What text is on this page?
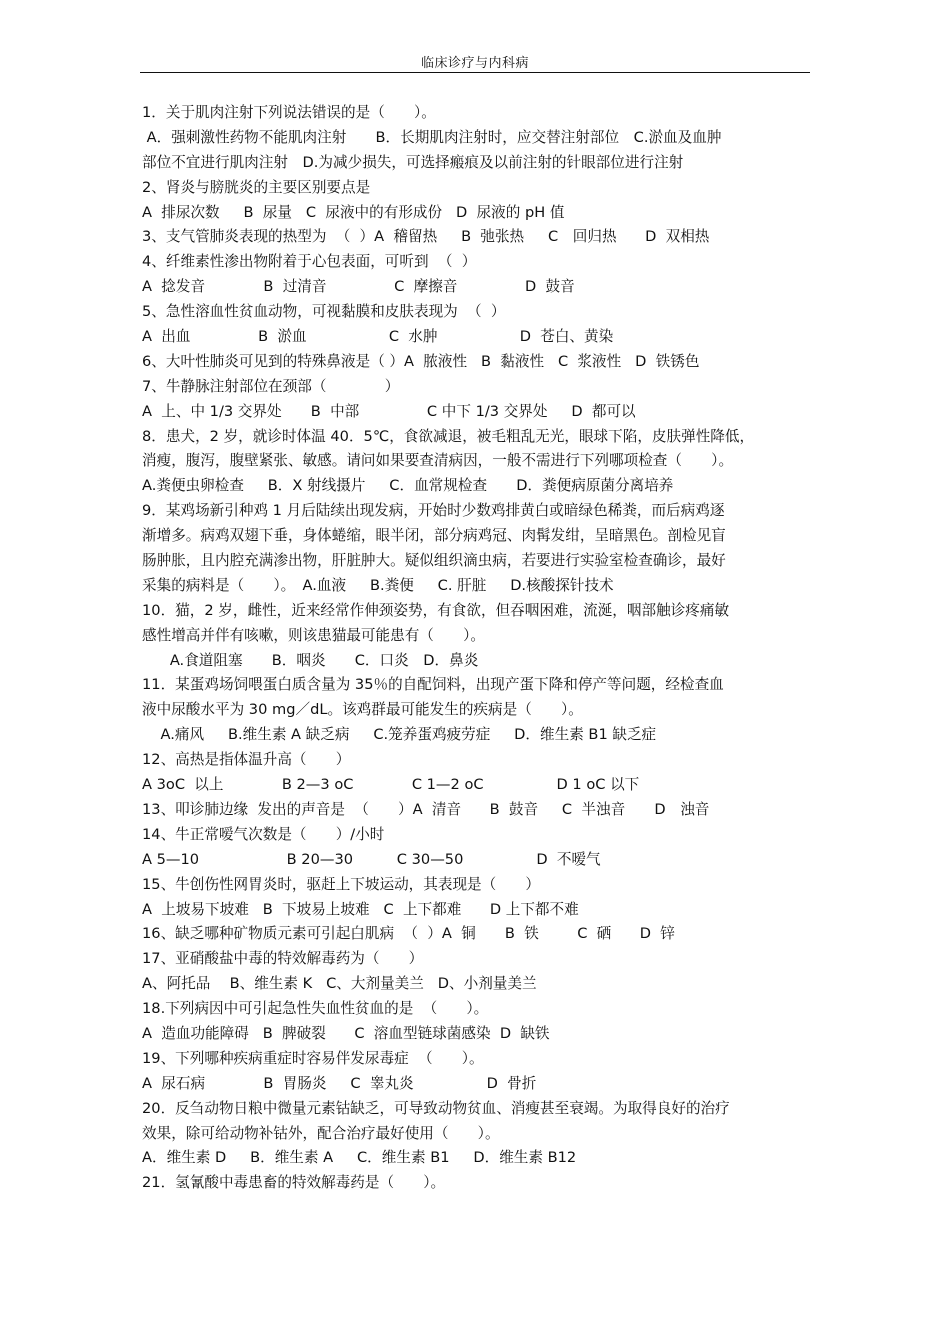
临床诊疗与内科病
1．关于肌肉注射下列说法错误的是（　　）。
A．强刺激性药物不能肌肉注射　　B．长期肌肉注射时，应交替注射部位　C.淤血及血肿
部位不宜进行肌肉注射　D.为减少损失，可选择瘢痕及以前注射的针眼部位进行注射
2、肾炎与膀胱炎的主要区别要点是
A  排尿次数　  B  尿量   C  尿液中的有形成份   D  尿液的 pH 值
3、支气管肺炎表现的热型为  （  ）A  稽留热　  B  弛张热　  C　回归热　   D  双相热
4、纤维素性渗出物附着于心包表面，可听到  （  ）
A  捻发音　　　　B  过清音　　　　  C  摩擦音　　　　  D  鼓音
5、急性溶血性贫血动物，可视黏膜和皮肤表现为  （  ）
A  出血　　　　  B  淤血　　　　　  C  水肿　　　　　  D  苍白、黄染
6、大叶性肺炎可见到的特殊鼻液是（ ）A  脓液性   B  黏液性   C  浆液性   D  铁锈色
7、牛静脉注射部位在颈部（　　　　）
A  上、中 1/3 交界处　　B  中部　　　　  C 中下 1/3 交界处　  D  都可以
8．患犬，2 岁，就诊时体温 40．5℃，食欲减退，被毛粗乱无光，眼球下陷，皮肤弹性降低，
消瘦，腹泻，腹壁紧张、敏感。请问如果要查清病因，一般不需进行下列哪项检查（　　）。
A.粪便虫卵检查　  B．X 射线摄片　  C．血常规检查　　D．粪便病原菌分离培养
9．某鸡场新引种鸡 1 月后陆续出现发病，开始时少数鸡排黄白或暗绿色稀粪，而后病鸡逐
渐增多。病鸡双翅下垂，身体蜷缩，眼半闭，部分病鸡冠、肉髯发绀，呈暗黑色。剖检见盲
肠肿胀，且内腔充满渗出物，肝脏肿大。疑似组织滴虫病，若要进行实验室检查确诊，最好
采集的病料是（　　）。　A.血液　  B.粪便　  C. 肝脏　  D.核酸探针技术
10．猫，2 岁，雌性，近来经常作伸颈姿势，有食欲，但吞咽困难，流涎，咽部触诊疼痛敏
感性增高并伴有咳嗽，则该患猫最可能患有（　　）。
A.食道阻塞　　B．咽炎　　C．口炎　D．鼻炎
11．某蛋鸡场饲喂蛋白质含量为 35％的自配饲料，出现产蛋下降和停产等问题，经检查血
液中尿酸水平为 30 mg／dL。该鸡群最可能发生的疾病是（　　）。
A.痛风　  B.维生素 A 缺乏病　  C.笼养蛋鸡疲劳症　  D．维生素 B1 缺乏症
12、高热是指体温升高（　　）
A 3oC  以上　　　　B 2—3 oC　　　　C 1—2 oC　　　　　D 1 oC 以下
13、叩诊肺边缘  发出的声音是  （　　）A  清音　   B  鼓音　  C  半浊音　　D　浊音
14、牛正常嗳气次数是（　　）/小时
A 5—10　　　　　　B 20—30　　　C 30—50　　　　　D  不嗳气
15、牛创伤性网胃炎时，驱赶上下坡运动，其表现是（　　）
A  上坡易下坡难   B  下坡易上坡难   C  上下都难　   D 上下都不难
16、缺乏哪种矿物质元素可引起白肌病  （  ）A  铜　　B  铁　　  C  硒　   D  锌
17、亚硝酸盐中毒的特效解毒药为（　　）
A、阿托品　 B、维生素 K   C、大剂量美兰   D、小剂量美兰
18.下列病因中可引起急性失血性贫血的是  （　　）。
A  造血功能障碍   B  脾破裂　   C  溶血型链球菌感染  D  缺铁
19、下列哪种疾病重症时容易伴发尿毒症  （　　）。
A  尿石病　　　　B  胃肠炎　  C  睾丸炎　　　　　D  骨折
20．反刍动物日粮中微量元素钴缺乏，可导致动物贫血、消瘦甚至衰竭。为取得良好的治疗
效果，除可给动物补钴外，配合治疗最好使用（　　）。
A．维生素 D　  B．维生素 A　  C．维生素 B1　  D．维生素 B12
21．氢氰酸中毒患畜的特效解毒药是（　　）。
